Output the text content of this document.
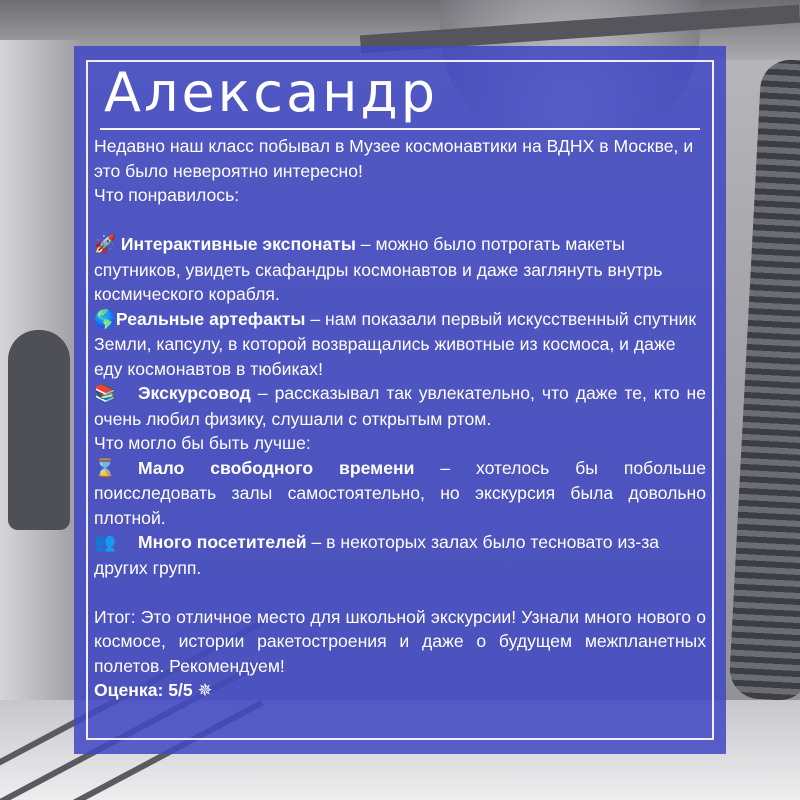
Александр

Недавно наш класс побывал в Музее космонавтики на ВДНХ в Москве, и это было невероятно интересно!

Что понравилось:

🚀 Интерактивные экспонаты – можно было потрогать макеты спутников, увидеть скафандры космонавтов и даже заглянуть внутрь космического корабля.

🌎Реальные артефакты – нам показали первый искусственный спутник Земли, капсулу, в которой возвращались животные из космоса, и даже еду космонавтов в тюбиках!

📚 Экскурсовод – рассказывал так увлекательно, что даже те, кто не очень любил физику, слушали с открытым ртом.

Что могло бы быть лучше:

⌛ Мало свободного времени – хотелось бы побольше поисследовать залы самостоятельно, но экскурсия была довольно плотной.

👥 Много посетителей – в некоторых залах было тесновато из-за других групп.

Итог: Это отличное место для школьной экскурсии! Узнали много нового о космосе, истории ракетостроения и даже о будущем межпланетных полетов. Рекомендуем!

Оценка: 5/5 ✵
